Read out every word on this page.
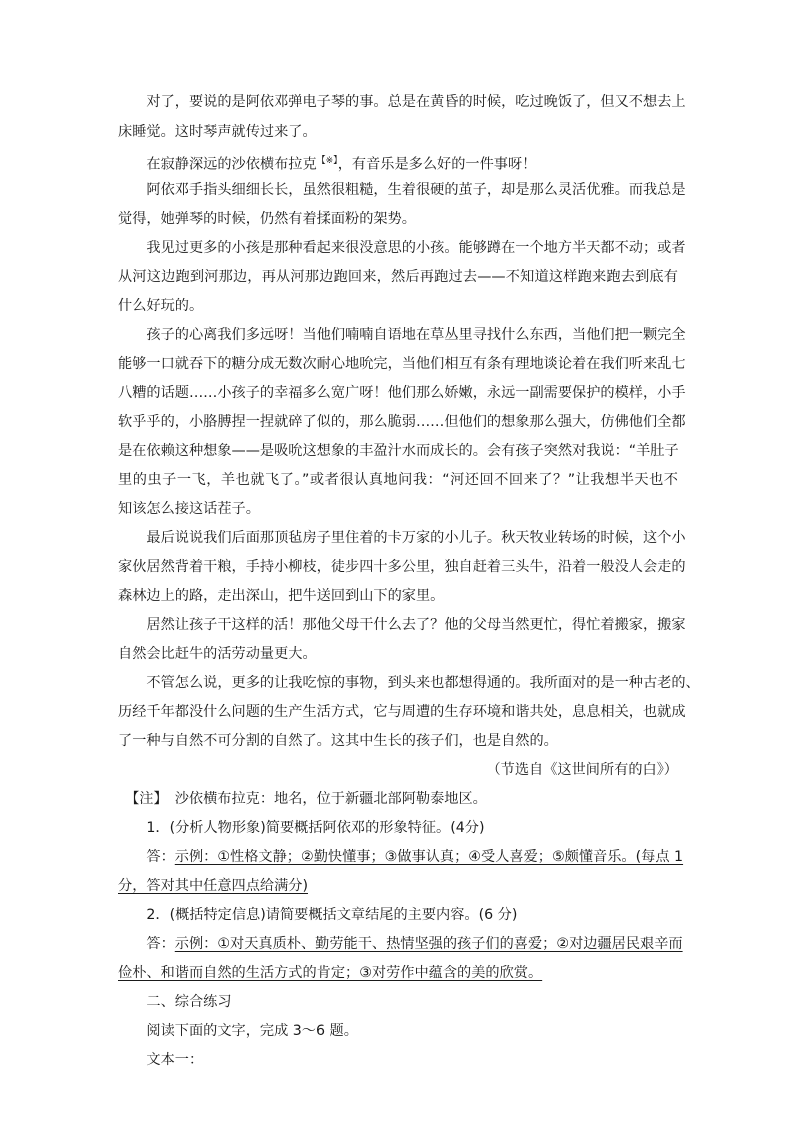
　　对了，要说的是阿依邓弹电子琴的事。总是在黄昏的时候，吃过晚饭了，但又不想去上
床睡觉。这时琴声就传过来了。
　　在寂静深远的沙依横布拉克【※】，有音乐是多么好的一件事呀！
　　阿依邓手指头细细长长，虽然很粗糙，生着很硬的茧子，却是那么灵活优雅。而我总是
觉得，她弹琴的时候，仍然有着揉面粉的架势。
　　我见过更多的小孩是那种看起来很没意思的小孩。能够蹲在一个地方半天都不动；或者
从河这边跑到河那边，再从河那边跑回来，然后再跑过去——不知道这样跑来跑去到底有
什么好玩的。
　　孩子的心离我们多远呀！当他们喃喃自语地在草丛里寻找什么东西，当他们把一颗完全
能够一口就吞下的糖分成无数次耐心地吮完，当他们相互有条有理地谈论着在我们听来乱七
八糟的话题……小孩子的幸福多么宽广呀！他们那么娇嫩，永远一副需要保护的模样，小手
软乎乎的，小胳膊捏一捏就碎了似的，那么脆弱……但他们的想象那么强大，仿佛他们全都
是在依赖这种想象——是吸吮这想象的丰盈汁水而成长的。会有孩子突然对我说：“羊肚子
里的虫子一飞，羊也就飞了。”或者很认真地问我：“河还回不回来了？”让我想半天也不
知该怎么接这话茬子。
　　最后说说我们后面那顶毡房子里住着的卡万家的小儿子。秋天牧业转场的时候，这个小
家伙居然背着干粮，手持小柳枝，徒步四十多公里，独自赶着三头牛，沿着一般没人会走的
森林边上的路，走出深山，把牛送回到山下的家里。
　　居然让孩子干这样的活！那他父母干什么去了？他的父母当然更忙，得忙着搬家，搬家
自然会比赶牛的活劳动量更大。
　　不管怎么说，更多的让我吃惊的事物，到头来也都想得通的。我所面对的是一种古老的、
历经千年都没什么问题的生产生活方式，它与周遭的生存环境和谐共处，息息相关，也就成
了一种与自然不可分割的自然了。这其中生长的孩子们，也是自然的。
（节选自《这世间所有的白》）
　【注】　沙依横布拉克：地名，位于新疆北部阿勒泰地区。
　　1．(分析人物形象)简要概括阿依邓的形象特征。(4分)
　　答：示例：①性格文静；②勤快懂事；③做事认真；④受人喜爱；⑤颇懂音乐。(每点 1
分，答对其中任意四点给满分)
　　2．(概括特定信息)请简要概括文章结尾的主要内容。(6 分)
　　答：示例：①对天真质朴、勤劳能干、热情坚强的孩子们的喜爱；②对边疆居民艰辛而
俭朴、和谐而自然的生活方式的肯定；③对劳作中蕴含的美的欣赏。
　　二、综合练习
　　阅读下面的文字，完成 3～6 题。
　　文本一：
